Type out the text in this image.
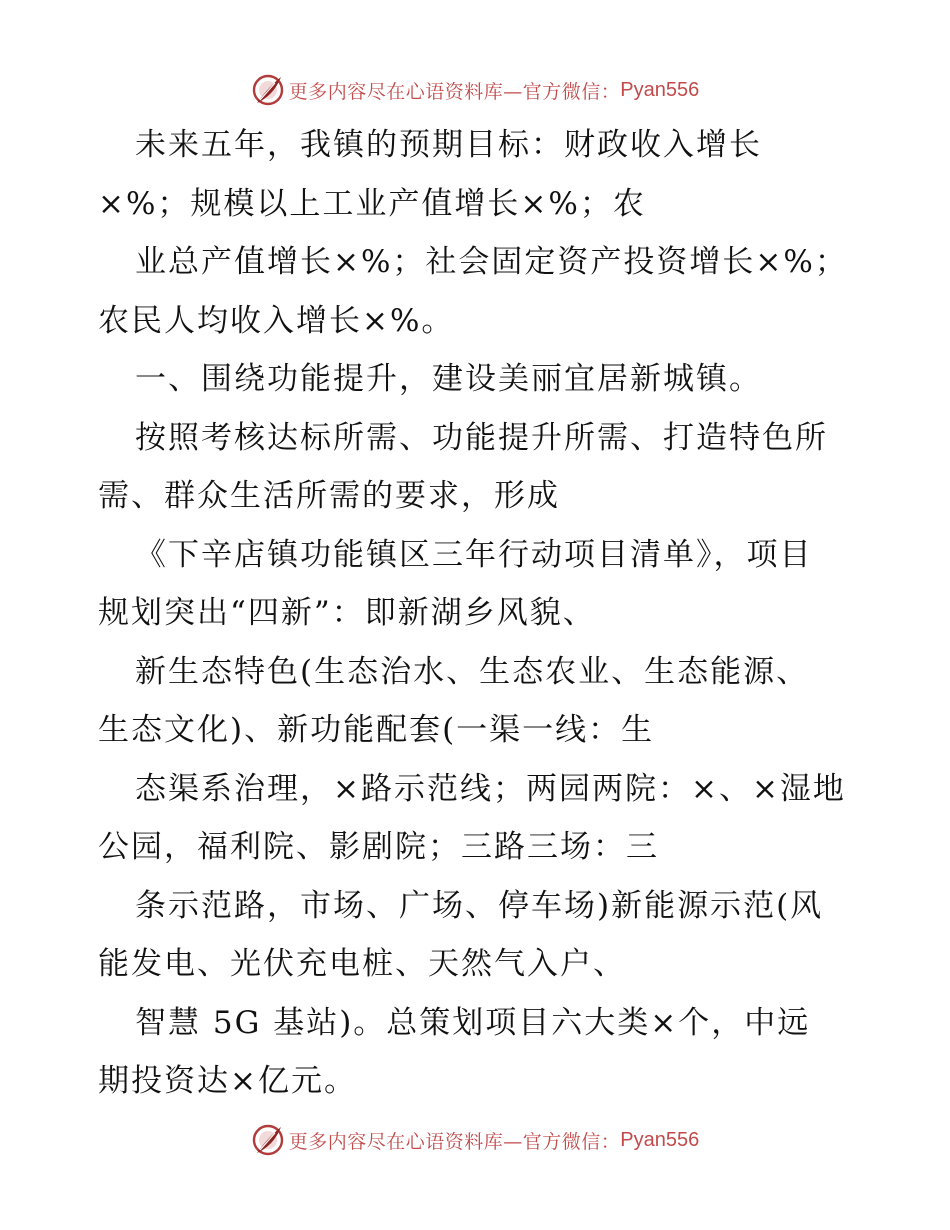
更多内容尽在心语资料库—官方微信： Pyan556
未来五年，我镇的预期目标：财政收入增长
×%；规模以上工业产值增长×%；农
业总产值增长×%；社会固定资产投资增长×%；
农民人均收入增长×%。
一、围绕功能提升，建设美丽宜居新城镇。
按照考核达标所需、功能提升所需、打造特色所
需、群众生活所需的要求，形成
《下辛店镇功能镇区三年行动项目清单》，项目
规划突出“四新”：即新湖乡风貌、
新生态特色(生态治水、生态农业、生态能源、
生态文化)、新功能配套(一渠一线：生
态渠系治理，×路示范线；两园两院：×、×湿地
公园，福利院、影剧院；三路三场：三
条示范路，市场、广场、停车场)新能源示范(风
能发电、光伏充电桩、天然气入户、
智慧 5G 基站)。总策划项目六大类×个，中远
期投资达×亿元。
更多内容尽在心语资料库—官方微信： Pyan556
